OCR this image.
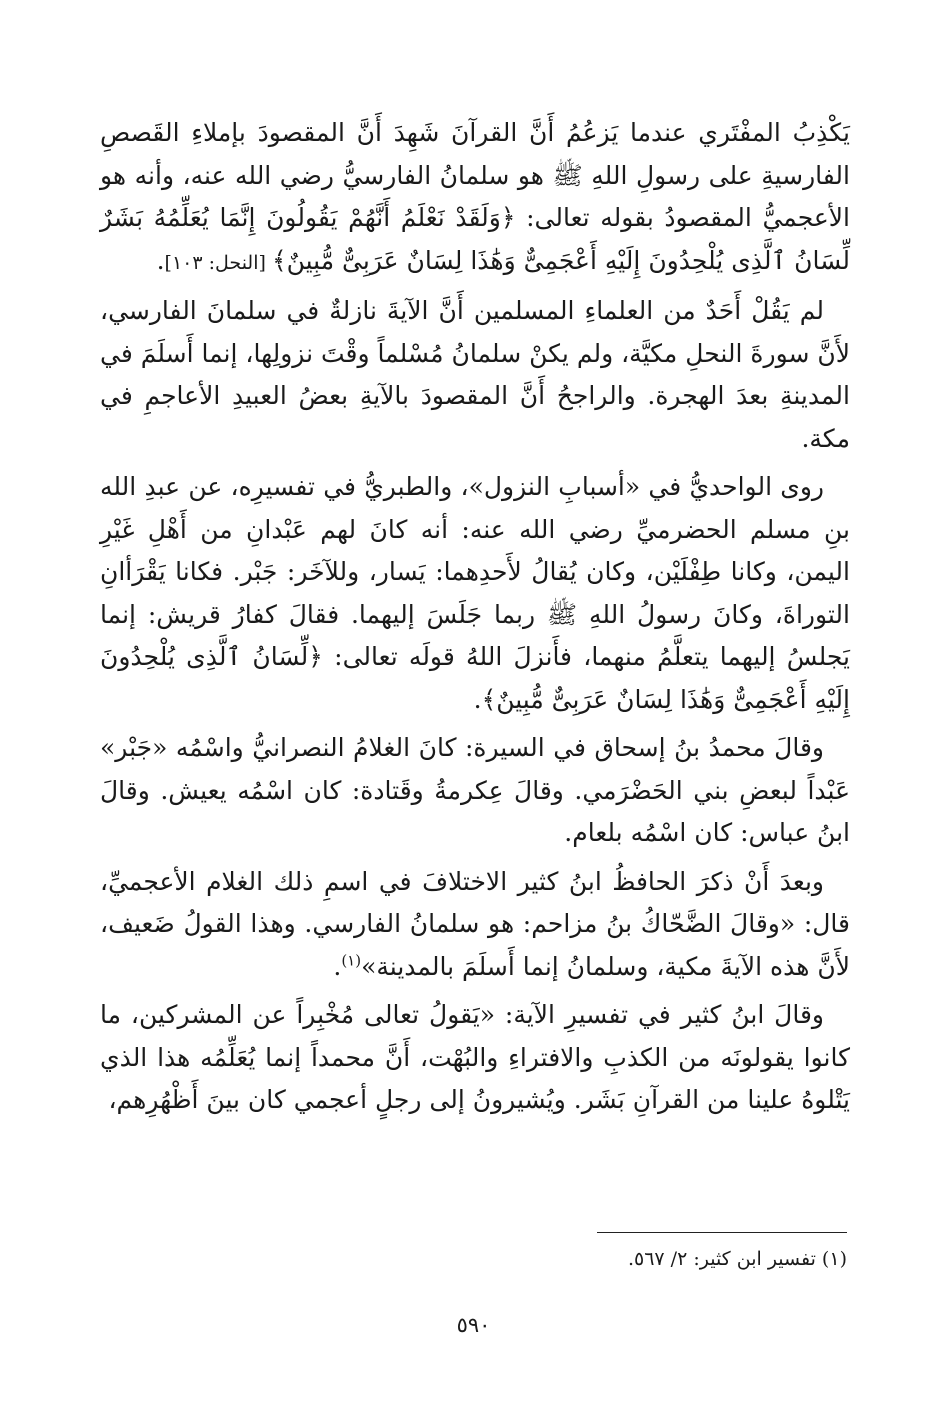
يَكْذِبُ المفْتَري عندما يَزعُمُ أَنَّ القرآنَ شَهِدَ أَنَّ المقصودَ بإملاءِ القَصصِ الفارسيةِ على رسولِ اللهِ ﷺ هو سلمانُ الفارسيُّ رضي الله عنه، وأنه هو الأعجميُّ المقصودُ بقوله تعالى: ﴿وَلَقَدْ نَعْلَمُ أَنَّهُمْ يَقُولُونَ إِنَّمَا يُعَلِّمُهُ بَشَرٌ لِّسَانُ ٱلَّذِى يُلْحِدُونَ إِلَيْهِ أَعْجَمِىٌّ وَهَٰذَا لِسَانٌ عَرَبِىٌّ مُّبِينٌ﴾ [النحل: ١٠٣].

لم يَقُلْ أَحَدٌ من العلماءِ المسلمين أَنَّ الآيةَ نازلةٌ في سلمانَ الفارسي، لأَنَّ سورةَ النحلِ مكيَّة، ولم يكنْ سلمانُ مُسْلماً وقْتَ نزولِها، إنما أَسلَمَ في المدينةِ بعدَ الهجرة. والراجحُ أَنَّ المقصودَ بالآيةِ بعضُ العبيدِ الأعاجمِ في مكة.

روى الواحديُّ في «أسبابِ النزول»، والطبريُّ في تفسيرِه، عن عبدِ الله بنِ مسلم الحضرميِّ رضي الله عنه: أنه كانَ لهم عَبْدانِ من أَهْلِ غَيْرِ اليمن، وكانا طِفْلَيْن، وكان يُقالُ لأَحدِهما: يَسار، وللآخَر: جَبْر. فكانا يَقْرَأانِ التوراةَ، وكانَ رسولُ اللهِ ﷺ ربما جَلَسَ إليهما. فقالَ كفارُ قريش: إنما يَجلسُ إليهما يتعلَّمُ منهما، فأَنزلَ اللهُ قولَه تعالى: ﴿لِّسَانُ ٱلَّذِى يُلْحِدُونَ إِلَيْهِ أَعْجَمِىٌّ وَهَٰذَا لِسَانٌ عَرَبِىٌّ مُّبِينٌ﴾.

وقالَ محمدُ بنُ إسحاق في السيرة: كانَ الغلامُ النصرانيُّ واسْمُه «جَبْر» عَبْداً لبعضِ بني الحَضْرَمي. وقالَ عِكرمةُ وقَتادة: كان اسْمُه يعيش. وقالَ ابنُ عباس: كان اسْمُه بلعام.

وبعدَ أَنْ ذكرَ الحافظُ ابنُ كثير الاختلافَ في اسمِ ذلك الغلام الأعجميِّ، قال: «وقالَ الضَّحّاكُ بنُ مزاحم: هو سلمانُ الفارسي. وهذا القولُ ضَعيف، لأَنَّ هذه الآيةَ مكية، وسلمانُ إنما أَسلَمَ بالمدينة»$^{(١)}$.

وقالَ ابنُ كثير في تفسيرِ الآية: «يَقولُ تعالى مُخْبِراً عن المشركين، ما كانوا يقولونَه من الكذبِ والافتراءِ والبُهْت، أَنَّ محمداً إنما يُعَلِّمُه هذا الذي يَتْلوهُ علينا من القرآنِ بَشَر. ويُشيرونُ إلى رجلٍ أعجمي كان بينَ أَظْهُرِهم،

(١) تفسير ابن كثير: ٢/ ٥٦٧.
٥٩٠
